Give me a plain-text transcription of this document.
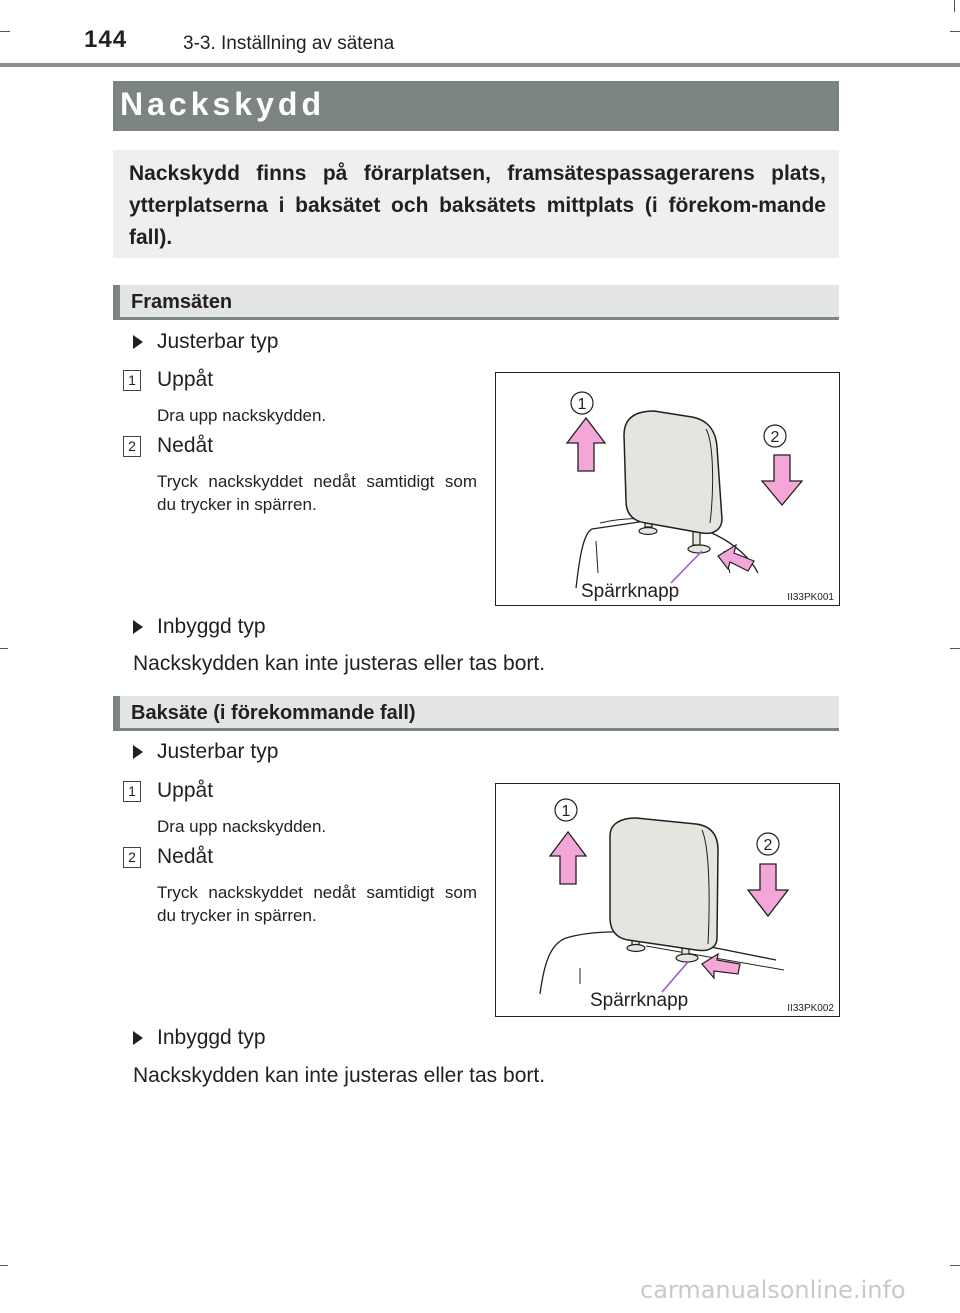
144	3-3. Inställning av sätena
Nackskydd
Nackskydd finns på förarplatsen, framsätespassagerarens plats, ytterplatserna i baksätet och baksätets mittplats (i förekom-mande fall).
Framsäten
Justerbar typ
1 Uppåt
Dra upp nackskydden.
2 Nedåt
Tryck nackskyddet nedåt samtidigt som du trycker in spärren.
1
2
Spärrknapp	II33PK001
Inbyggd typ
Nackskydden kan inte justeras eller tas bort.
Baksäte (i förekommande fall)
Justerbar typ
1 Uppåt
Dra upp nackskydden.
2 Nedåt
Tryck nackskyddet nedåt samtidigt som du trycker in spärren.
1
2
Spärrknapp	II33PK002
Inbyggd typ
Nackskydden kan inte justeras eller tas bort.
carmanualsonline.info
